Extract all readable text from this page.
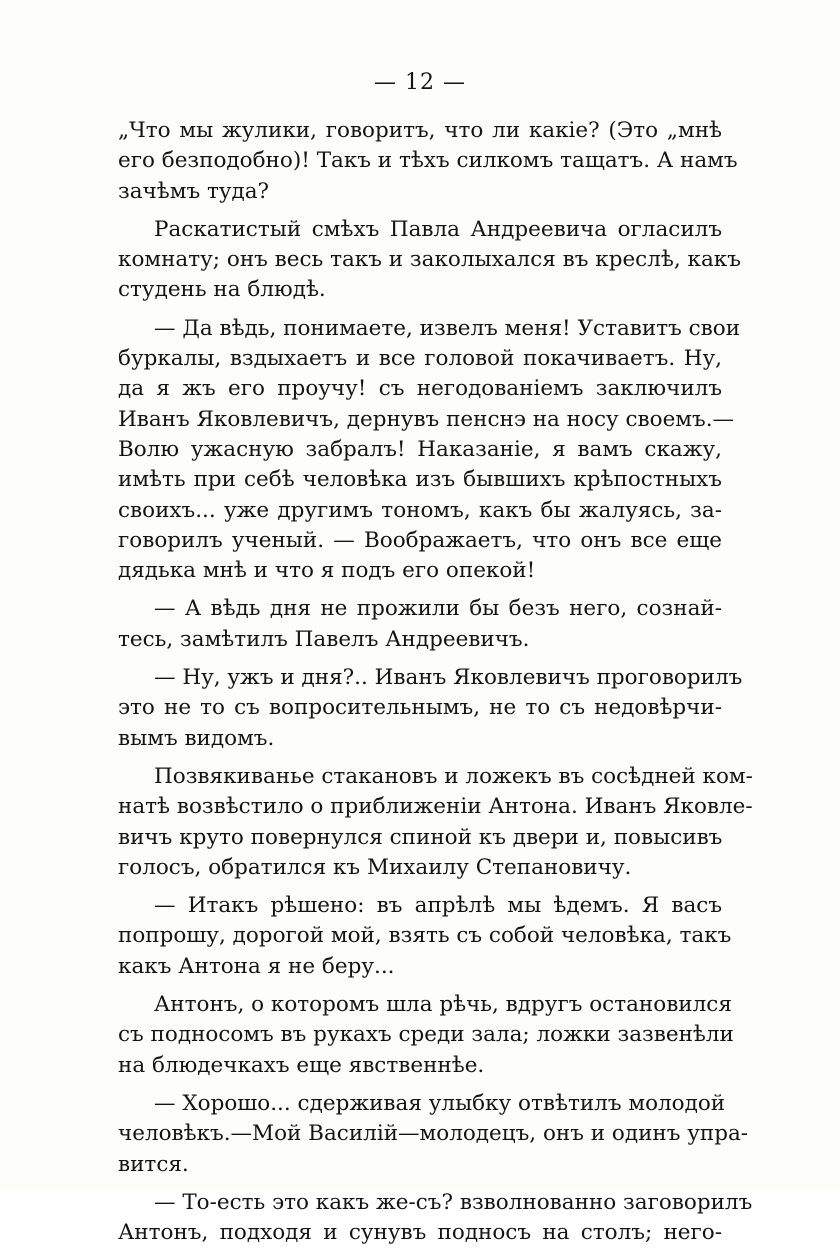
— 12 —

„Что мы жулики, говоритъ, что ли какіе? (Это „мнѣ
его безподобно)! Такъ и тѣхъ силкомъ тащатъ. А намъ
зачѣмъ туда?

Раскатистый смѣхъ Павла Андреевича огласилъ
комнату; онъ весь такъ и заколыхался въ креслѣ, какъ
студень на блюдѣ.

— Да вѣдь, понимаете, извелъ меня! Уставитъ свои
буркалы, вздыхаетъ и все головой покачиваетъ. Ну,
да я жъ его проучу! съ негодованіемъ заключилъ
Иванъ Яковлевичъ, дернувъ пенснэ на носу своемъ.—
Волю ужасную забралъ! Наказаніе, я вамъ скажу,
имѣть при себѣ человѣка изъ бывшихъ крѣпостныхъ
своихъ... уже другимъ тономъ, какъ бы жалуясь, за-
говорилъ ученый. — Воображаетъ, что онъ все еще
дядька мнѣ и что я подъ его опекой!

— А вѣдь дня не прожили бы безъ него, сознай-
тесь, замѣтилъ Павелъ Андреевичъ.

— Ну, ужъ и дня?.. Иванъ Яковлевичъ проговорилъ
это не то съ вопросительнымъ, не то съ недовѣрчи-
вымъ видомъ.

Позвякиванье стакановъ и ложекъ въ сосѣдней ком-
натѣ возвѣстило о приближеніи Антона. Иванъ Яковле-
вичъ круто повернулся спиной къ двери и, повысивъ
голосъ, обратился къ Михаилу Степановичу.

— Итакъ рѣшено: въ апрѣлѣ мы ѣдемъ. Я васъ
попрошу, дорогой мой, взять съ собой человѣка, такъ
какъ Антона я не беру...

Антонъ, о которомъ шла рѣчь, вдругъ остановился
съ подносомъ въ рукахъ среди зала; ложки зазвенѣли
на блюдечкахъ еще явственнѣе.

— Хорошо... сдерживая улыбку отвѣтилъ молодой
человѣкъ.—Мой Василій—молодецъ, онъ и одинъ упра-
вится.

— То-есть это какъ же-съ? взволнованно заговорилъ
Антонъ, подходя и сунувъ подносъ на столъ; него-
